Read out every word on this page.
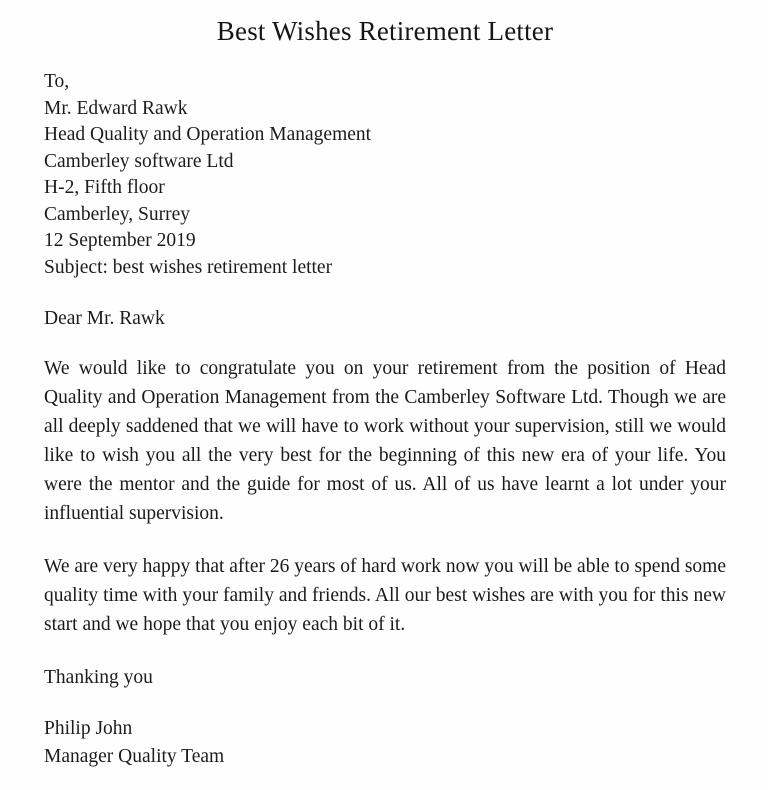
Best Wishes Retirement Letter
To,
Mr. Edward Rawk
Head Quality and Operation Management
Camberley software Ltd
H-2, Fifth floor
Camberley, Surrey
12 September 2019
Subject: best wishes retirement letter
Dear Mr. Rawk

We would like to congratulate you on your retirement from the position of Head Quality and Operation Management from the Camberley Software Ltd. Though we are all deeply saddened that we will have to work without your supervision, still we would like to wish you all the very best for the beginning of this new era of your life. You were the mentor and the guide for most of us. All of us have learnt a lot under your influential supervision.

We are very happy that after 26 years of hard work now you will be able to spend some quality time with your family and friends. All our best wishes are with you for this new start and we hope that you enjoy each bit of it.

Thanking you
Philip John
Manager Quality Team
